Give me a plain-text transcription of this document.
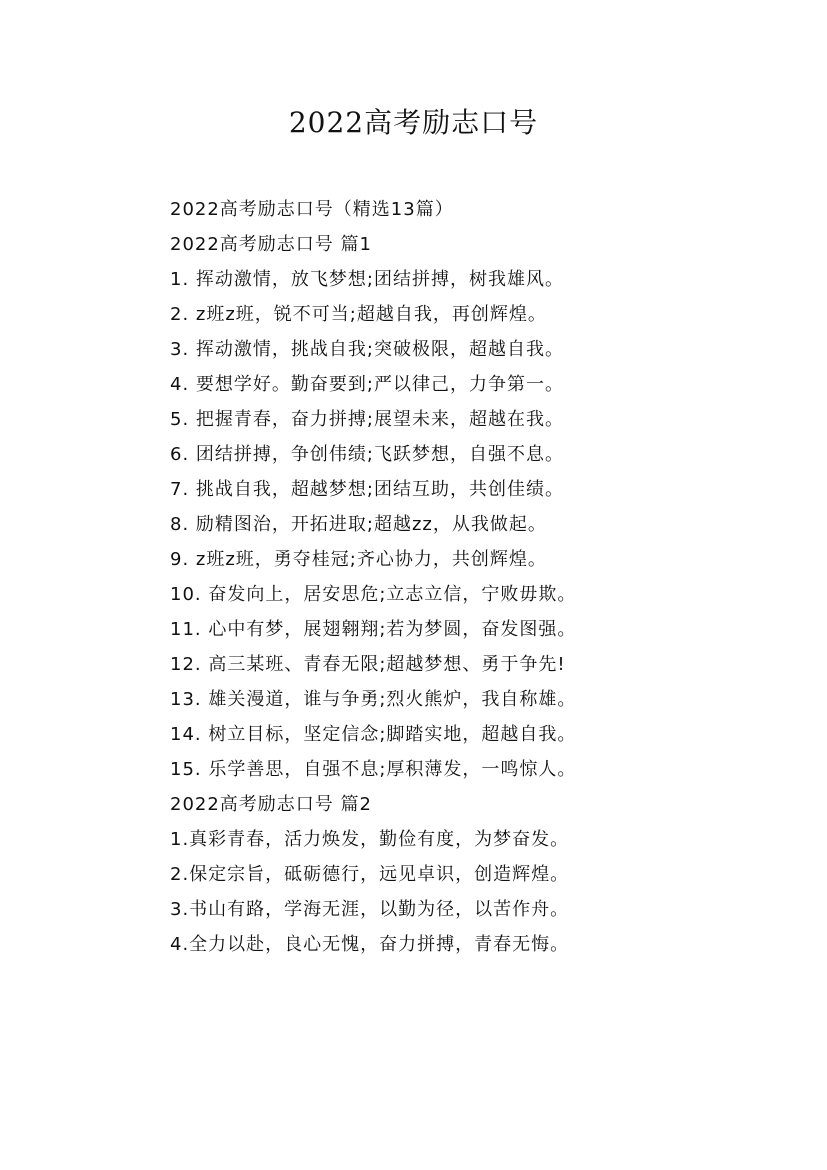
2022高考励志口号
2022高考励志口号（精选13篇）
2022高考励志口号 篇1
1. 挥动激情，放飞梦想;团结拼搏，树我雄风。
2. z班z班，锐不可当;超越自我，再创辉煌。
3. 挥动激情，挑战自我;突破极限，超越自我。
4. 要想学好。勤奋要到;严以律己，力争第一。
5. 把握青春，奋力拼搏;展望未来，超越在我。
6. 团结拼搏，争创伟绩;飞跃梦想，自强不息。
7. 挑战自我，超越梦想;团结互助，共创佳绩。
8. 励精图治，开拓进取;超越zz，从我做起。
9. z班z班，勇夺桂冠;齐心协力，共创辉煌。
10. 奋发向上，居安思危;立志立信，宁败毋欺。
11. 心中有梦，展翅翱翔;若为梦圆，奋发图强。
12. 高三某班、青春无限;超越梦想、勇于争先!
13. 雄关漫道，谁与争勇;烈火熊炉，我自称雄。
14. 树立目标，坚定信念;脚踏实地，超越自我。
15. 乐学善思，自强不息;厚积薄发，一鸣惊人。
2022高考励志口号 篇2
1.真彩青春，活力焕发，勤俭有度，为梦奋发。
2.保定宗旨，砥砺德行，远见卓识，创造辉煌。
3.书山有路，学海无涯，以勤为径，以苦作舟。
4.全力以赴，良心无愧，奋力拼搏，青春无悔。
